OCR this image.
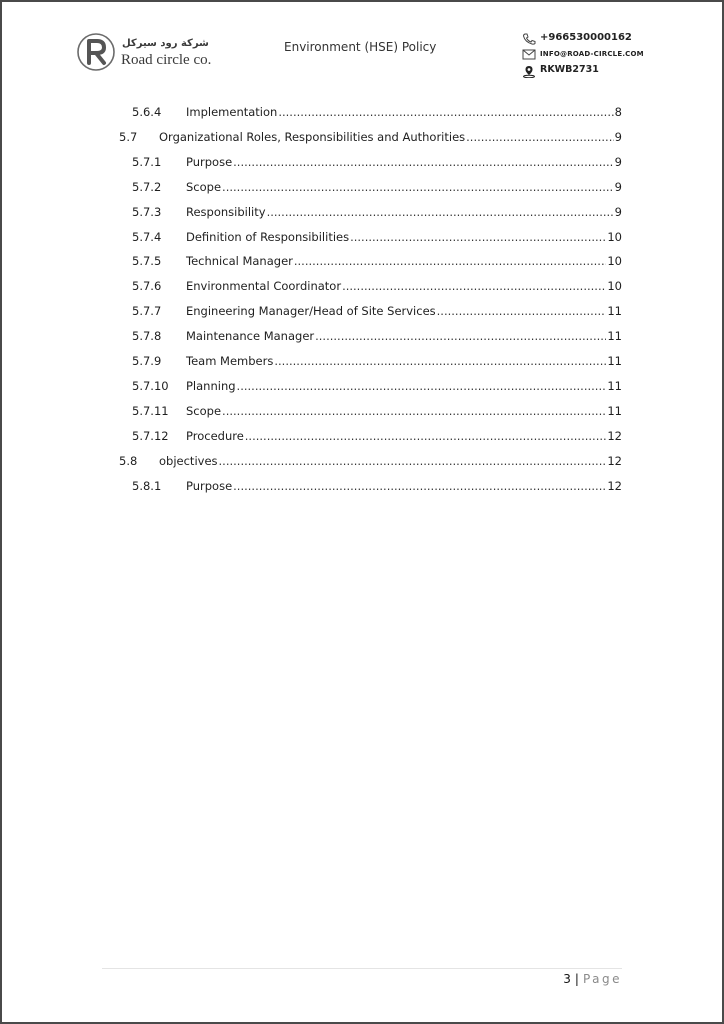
شركة رود سيركل
Road circle co.
Environment (HSE) Policy
+966530000162
INFO@ROAD-CIRCLE.COM
RKWB2731
5.6.4 Implementation .....	8
5.7 Organizational Roles, Responsibilities and Authorities .....	9
5.7.1 Purpose .....	9
5.7.2 Scope .....	9
5.7.3 Responsibility .....	9
5.7.4 Definition of Responsibilities .....	10
5.7.5 Technical Manager .....	10
5.7.6 Environmental Coordinator .....	10
5.7.7 Engineering Manager/Head of Site Services .....	11
5.7.8 Maintenance Manager .....	11
5.7.9 Team Members .....	11
5.7.10 Planning .....	11
5.7.11 Scope .....	11
5.7.12 Procedure .....	12
5.8 objectives .....	12
5.8.1 Purpose .....	12
3 | Page
